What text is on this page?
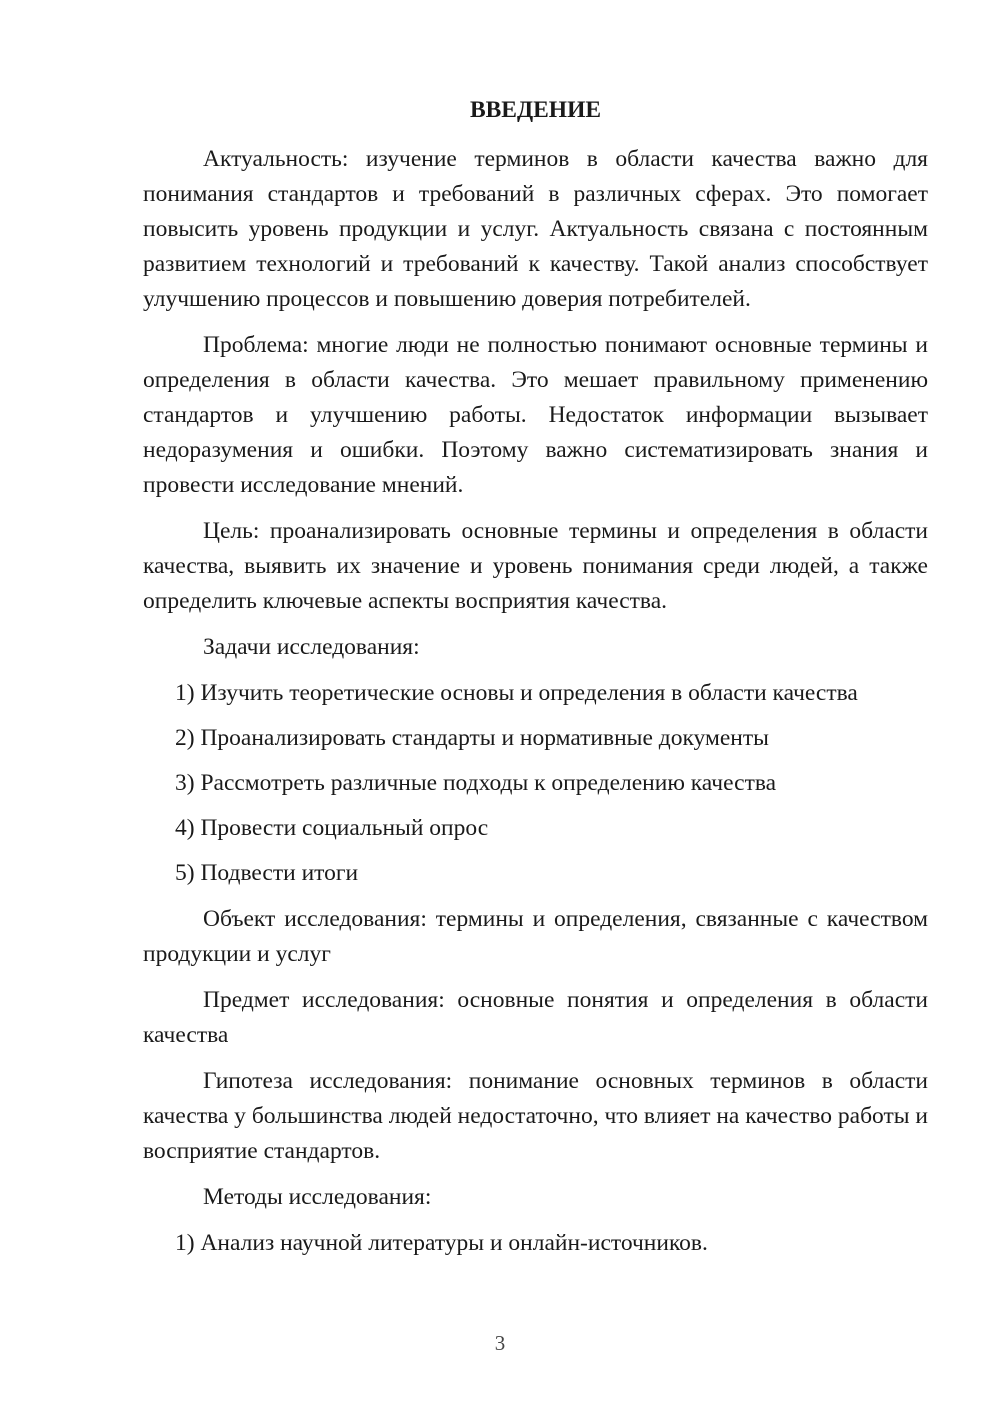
ВВЕДЕНИЕ

Актуальность: изучение терминов в области качества важно для понимания стандартов и требований в различных сферах. Это помогает повысить уровень продукции и услуг. Актуальность связана с постоянным развитием технологий и требований к качеству. Такой анализ способствует улучшению процессов и повышению доверия потребителей.

Проблема: многие люди не полностью понимают основные термины и определения в области качества. Это мешает правильному применению стандартов и улучшению работы. Недостаток информации вызывает недоразумения и ошибки. Поэтому важно систематизировать знания и провести исследование мнений.

Цель: проанализировать основные термины и определения в области качества, выявить их значение и уровень понимания среди людей, а также определить ключевые аспекты восприятия качества.

Задачи исследования:
1) Изучить теоретические основы и определения в области качества
2) Проанализировать стандарты и нормативные документы
3) Рассмотреть различные подходы к определению качества
4) Провести социальный опрос
5) Подвести итоги

Объект исследования: термины и определения, связанные с качеством продукции и услуг

Предмет исследования: основные понятия и определения в области качества

Гипотеза исследования: понимание основных терминов в области качества у большинства людей недостаточно, что влияет на качество работы и восприятие стандартов.

Методы исследования:
1) Анализ научной литературы и онлайн-источников.
3
